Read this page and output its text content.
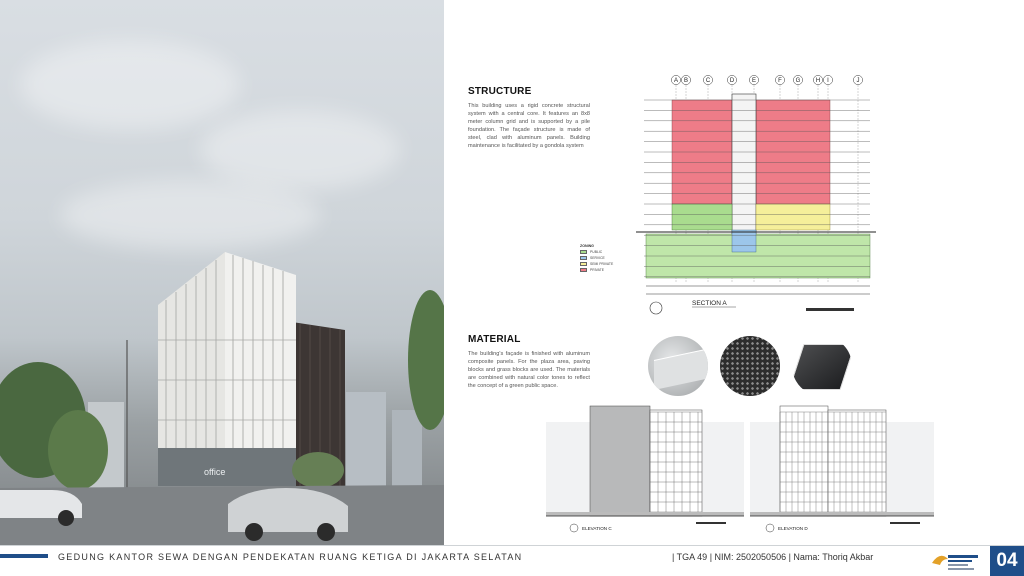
office
STRUCTURE
This building uses a rigid concrete structural system with a central core. It features an 8x8 meter column grid and is supported by a pile foundation. The façade structure is made of steel, clad with aluminum panels. Building maintenance is facilitated by a gondola system
A B	C	D	E	F G	H I	J
SECTION A
ZONING
PUBLIC
SERVICE
SEMI PRIVATE
PRIVATE
MATERIAL
The building's façade is finished with aluminum composite panels. For the plaza area, paving blocks and grass blocks are used. The materials are combined with natural color tones to reflect the concept of a green public space.
ELEVATION C	ELEVATION D
GEDUNG KANTOR SEWA DENGAN PENDEKATAN RUANG KETIGA DI JAKARTA SELATAN	| TGA 49 | NIM: 2502050506 | Nama: Thoriq Akbar	04
